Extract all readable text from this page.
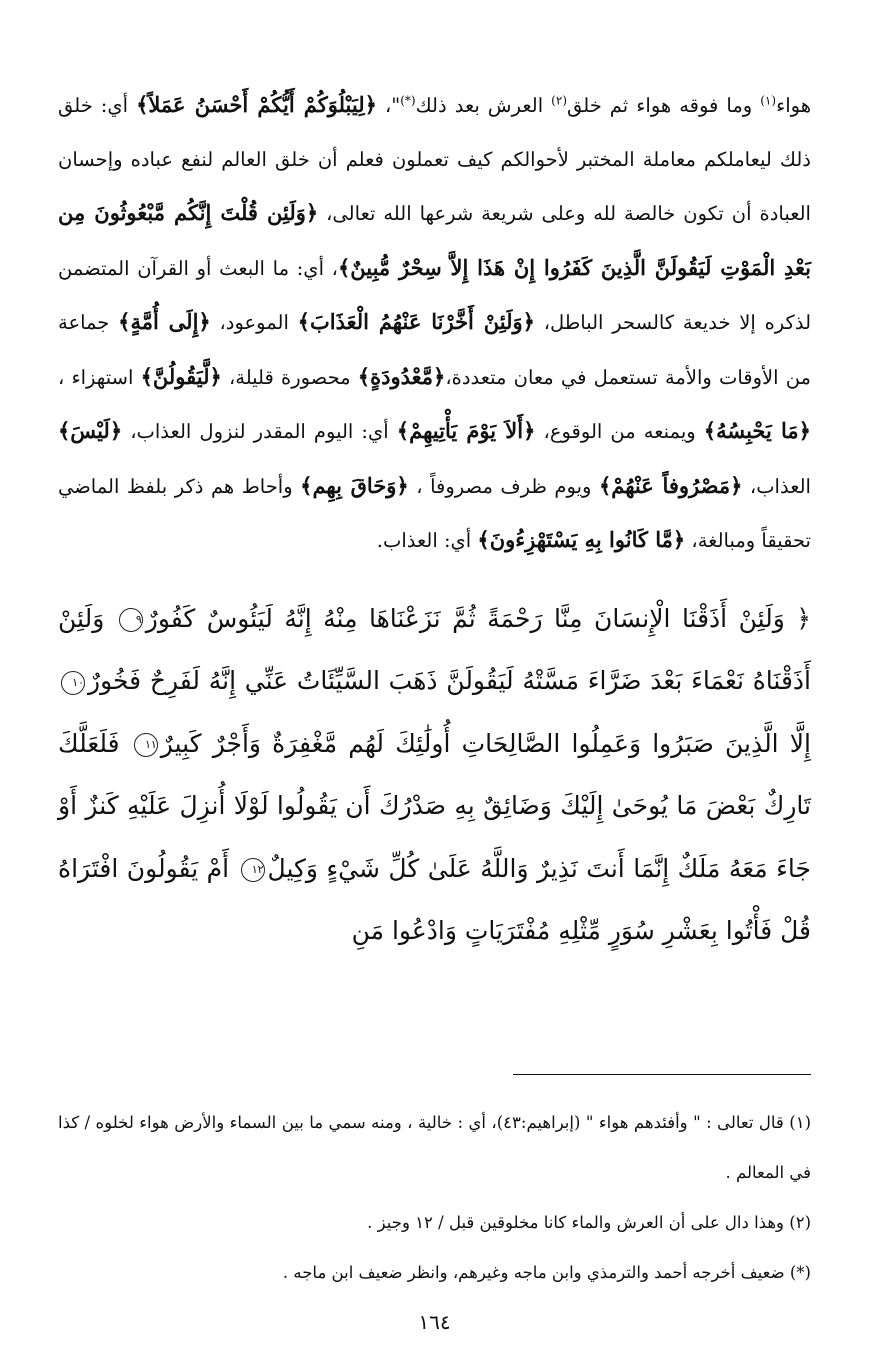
هواء$^{(١)}$ وما فوقه هواء ثم خلق$^{(٢)}$ العرش بعد ذلك(*)"، ﴿لِيَبْلُوَكُمْ أَيُّكُمْ أَحْسَنُ عَمَلاً﴾ أي: خلق ذلك ليعاملكم معاملة المختبر لأحوالكم كيف تعملون فعلم أن خلق العالم لنفع عباده وإحسان العبادة أن تكون خالصة لله وعلى شريعة شرعها الله تعالى، ﴿وَلَئِن قُلْتَ إِنَّكُم مَّبْعُوثُونَ مِن بَعْدِ الْمَوْتِ لَيَقُولَنَّ الَّذِينَ كَفَرُوا إِنْ هَذَا إِلاَّ سِحْرٌ مُّبِينٌ﴾، أي: ما البعث أو القرآن المتضمن لذكره إلا خديعة كالسحر الباطل، ﴿وَلَئِنْ أَخَّرْنَا عَنْهُمُ الْعَذَابَ﴾ الموعود، ﴿إِلَى أُمَّةٍ﴾ جماعة من الأوقات والأمة تستعمل في معان متعددة،﴿مَّعْدُودَةٍ﴾ محصورة قليلة، ﴿لَّيَقُولُنَّ﴾ استهزاء ، ﴿مَا يَحْبِسُهُ﴾ ويمنعه من الوقوع، ﴿أَلاَ يَوْمَ يَأْتِيهِمْ﴾ أي: اليوم المقدر لنزول العذاب، ﴿لَيْسَ﴾ العذاب، ﴿مَصْرُوفاً عَنْهُمْ﴾ ويوم ظرف مصروفاً ، ﴿وَحَاقَ بِهِم﴾ وأحاط هم ذكر بلفظ الماضي تحقيقاً ومبالغة، ﴿مَّا كَانُوا بِهِ يَسْتَهْزِءُونَ﴾ أي: العذاب.

﴿ وَلَئِنْ أَذَقْنَا الْإِنسَانَ مِنَّا رَحْمَةً ثُمَّ نَزَعْنَاهَا مِنْهُ إِنَّهُ لَيَئُوسٌ كَفُورٌ٩ وَلَئِنْ أَذَقْنَاهُ نَعْمَاءَ بَعْدَ ضَرَّاءَ مَسَّتْهُ لَيَقُولَنَّ ذَهَبَ السَّيِّئَاتُ عَنِّي إِنَّهُ لَفَرِحٌ فَخُورٌ١٠ إِلَّا الَّذِينَ صَبَرُوا وَعَمِلُوا الصَّالِحَاتِ أُولَٰئِكَ لَهُم مَّغْفِرَةٌ وَأَجْرٌ كَبِيرٌ١١ فَلَعَلَّكَ تَارِكٌ بَعْضَ مَا يُوحَىٰ إِلَيْكَ وَضَائِقٌ بِهِ صَدْرُكَ أَن يَقُولُوا لَوْلَا أُنزِلَ عَلَيْهِ كَنزٌ أَوْ جَاءَ مَعَهُ مَلَكٌ إِنَّمَا أَنتَ نَذِيرٌ وَاللَّهُ عَلَىٰ كُلِّ شَيْءٍ وَكِيلٌ١٢ أَمْ يَقُولُونَ افْتَرَاهُ قُلْ فَأْتُوا بِعَشْرِ سُوَرٍ مِّثْلِهِ مُفْتَرَيَاتٍ وَادْعُوا مَنِ

(١) قال تعالى : " وأفئدهم هواء " (إبراهيم:٤٣)، أي : خالية ، ومنه سمي ما بين السماء والأرض هواء لخلوه / كذا في المعالم .

(٢) وهذا دال على أن العرش والماء كانا مخلوقين قبل / ١٢ وجيز .

(*) ضعيف أخرجه أحمد والترمذي وابن ماجه وغيرهم، وانظر ضعيف ابن ماجه .

١٦٤
